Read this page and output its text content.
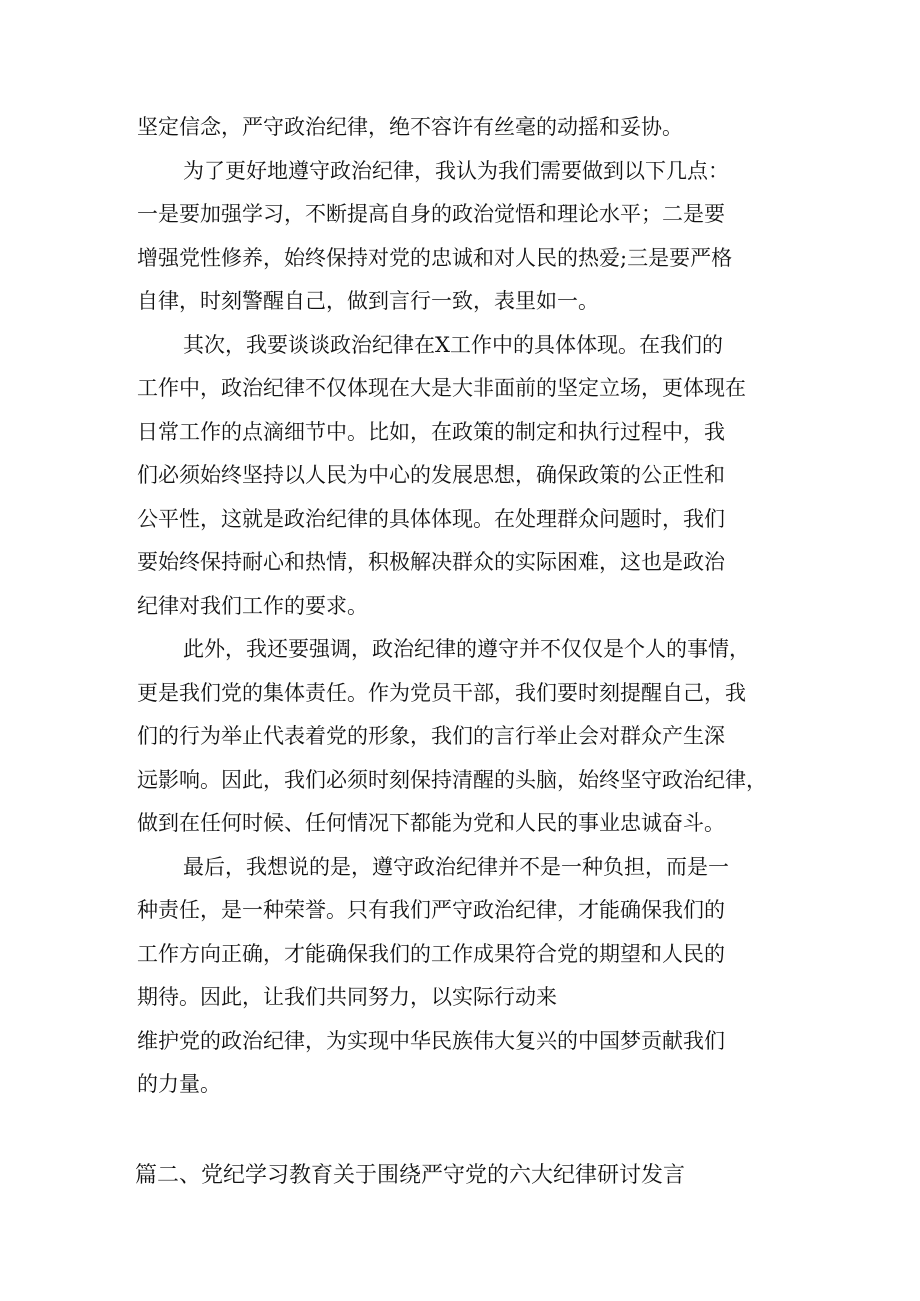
坚定信念，严守政治纪律，绝不容许有丝毫的动摇和妥协。

为了更好地遵守政治纪律，我认为我们需要做到以下几点：
一是要加强学习，不断提高自身的政治觉悟和理论水平；二是要
增强党性修养，始终保持对党的忠诚和对人民的热爱;三是要严格
自律，时刻警醒自己，做到言行一致，表里如一。

其次，我要谈谈政治纪律在X工作中的具体体现。在我们的
工作中，政治纪律不仅体现在大是大非面前的坚定立场，更体现在
日常工作的点滴细节中。比如，在政策的制定和执行过程中，我
们必须始终坚持以人民为中心的发展思想，确保政策的公正性和
公平性，这就是政治纪律的具体体现。在处理群众问题时，我们
要始终保持耐心和热情，积极解决群众的实际困难，这也是政治
纪律对我们工作的要求。

此外，我还要强调，政治纪律的遵守并不仅仅是个人的事情，
更是我们党的集体责任。作为党员干部，我们要时刻提醒自己，我
们的行为举止代表着党的形象，我们的言行举止会对群众产生深
远影响。因此，我们必须时刻保持清醒的头脑，始终坚守政治纪律，
做到在任何时候、任何情况下都能为党和人民的事业忠诚奋斗。

最后，我想说的是，遵守政治纪律并不是一种负担，而是一
种责任，是一种荣誉。只有我们严守政治纪律，才能确保我们的
工作方向正确，才能确保我们的工作成果符合党的期望和人民的
期待。因此，让我们共同努力，以实际行动来
维护党的政治纪律，为实现中华民族伟大复兴的中国梦贡献我们
的力量。

篇二、党纪学习教育关于围绕严守党的六大纪律研讨发言
